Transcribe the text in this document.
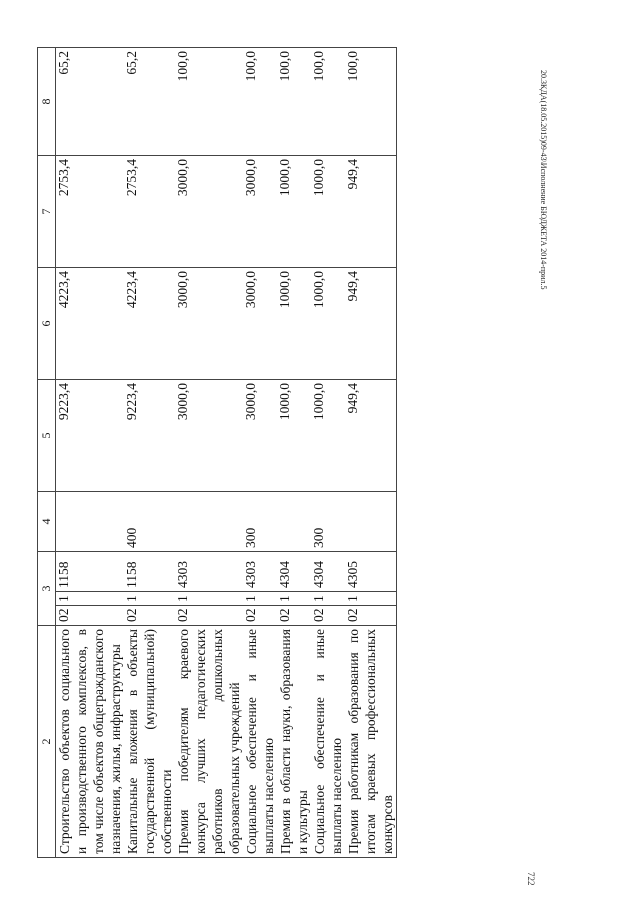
2	3			4	5	6	7	8
Строительство объектов социального и производственного комплексов, в том числе объектов общегражданского назначения, жилья, инфраструктуры	02	1	1158		9223,4	4223,4	2753,4	65,2
Капитальные вложения в объекты государственной (муниципальной) собственности	02	1	1158	400	9223,4	4223,4	2753,4	65,2
Премия победителям краевого конкурса лучших педагогических работников дошкольных образовательных учреждений	02	1	4303		3000,0	3000,0	3000,0	100,0
Социальное обеспечение и иные выплаты населению	02	1	4303	300	3000,0	3000,0	3000,0	100,0
Премия в области науки, образования и культуры	02	1	4304		1000,0	1000,0	1000,0	100,0
Социальное обеспечение и иные выплаты населению	02	1	4304	300	1000,0	1000,0	1000,0	100,0
Премия работникам образования по итогам краевых профессиональных конкурсов	02	1	4305		949,4	949,4	949,4	100,0
20.ЗКДА(18.05.2015)09-43\Исполнение БЮДЖЕТА 2014-прил.5
722
